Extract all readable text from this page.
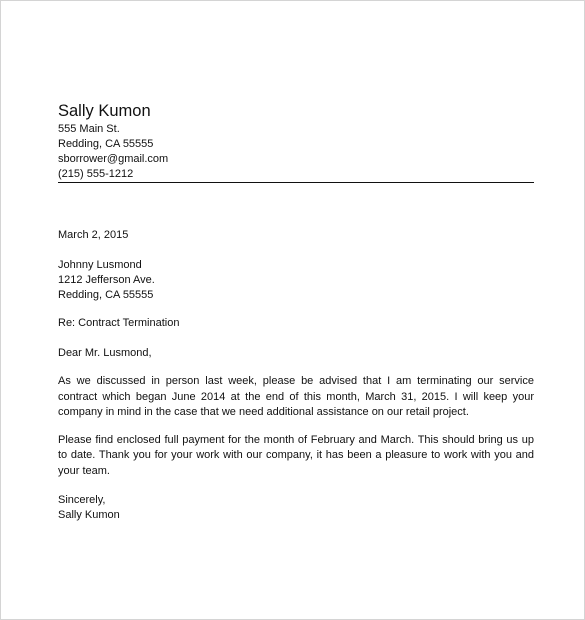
Sally Kumon
555 Main St.
Redding, CA 55555
sborrower@gmail.com
(215) 555-1212
March 2, 2015
Johnny Lusmond
1212 Jefferson Ave.
Redding, CA 55555
Re: Contract Termination
Dear Mr. Lusmond,
As we discussed in person last week, please be advised that I am terminating our service contract which began June 2014 at the end of this month, March 31, 2015. I will keep your company in mind in the case that we need additional assistance on our retail project.
Please find enclosed full payment for the month of February and March. This should bring us up to date. Thank you for your work with our company, it has been a pleasure to work with you and your team.
Sincerely,
Sally Kumon
